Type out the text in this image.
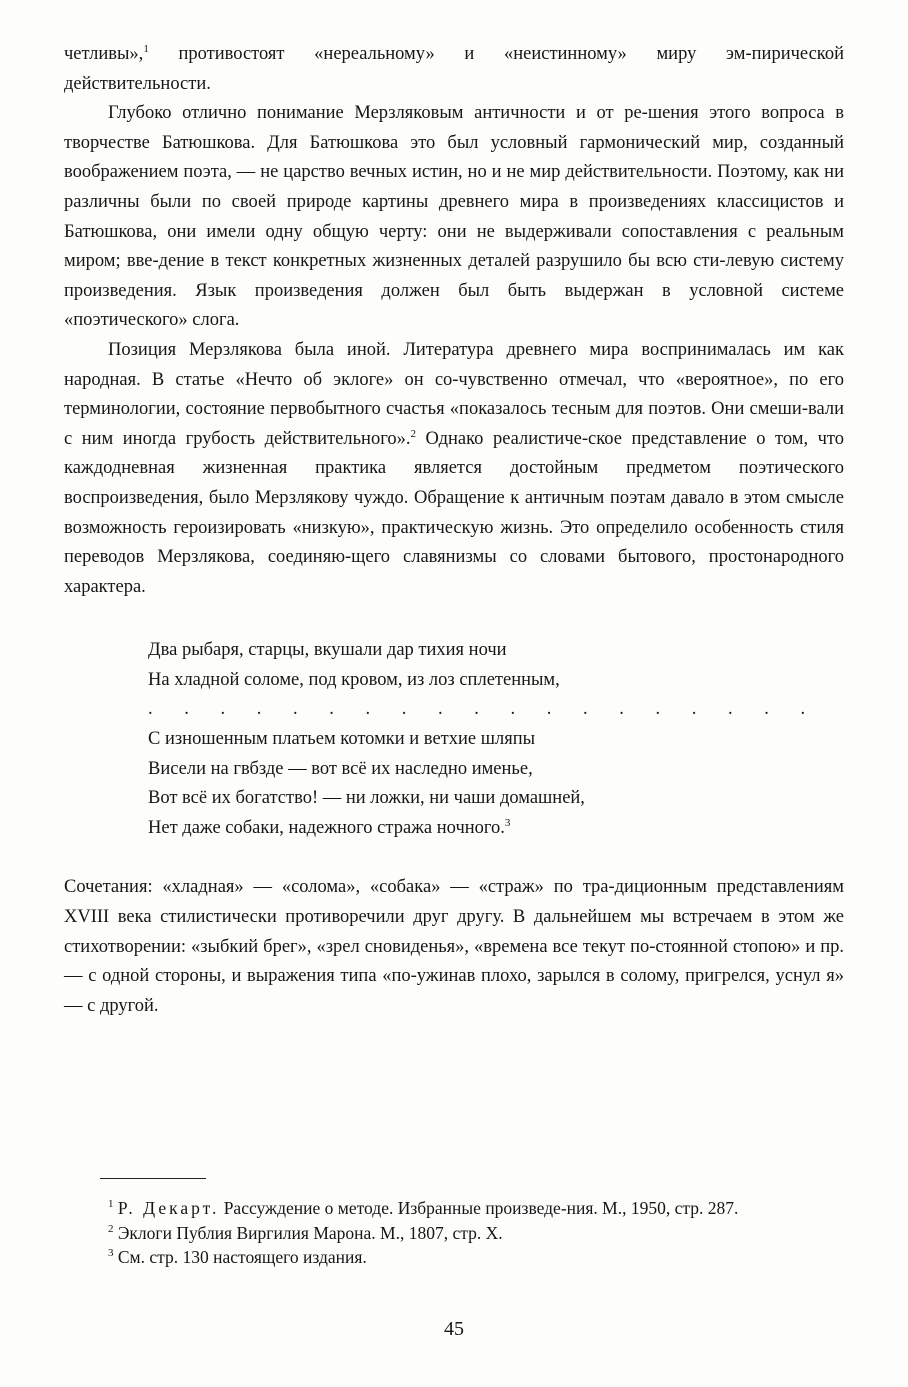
четливы»,$^1$ противостоят «нереальному» и «неистинному» миру эм-пирической действительности.

Глубоко отлично понимание Мерзляковым античности и от ре-шения этого вопроса в творчестве Батюшкова. Для Батюшкова это был условный гармонический мир, созданный воображением поэта, — не царство вечных истин, но и не мир действительности. Поэтому, как ни различны были по своей природе картины древнего мира в произведениях классицистов и Батюшкова, они имели одну общую черту: они не выдерживали сопоставления с реальным миром; вве-дение в текст конкретных жизненных деталей разрушило бы всю сти-левую систему произведения. Язык произведения должен был быть выдержан в условной системе «поэтического» слога.

Позиция Мерзлякова была иной. Литература древнего мира воспринималась им как народная. В статье «Нечто об эклоге» он со-чувственно отмечал, что «вероятное», по его терминологии, состояние первобытного счастья «показалось тесным для поэтов. Они смеши-вали с ним иногда грубость действительного».$^2$ Однако реалистиче-ское представление о том, что каждодневная жизненная практика является достойным предметом поэтического воспроизведения, было Мерзлякову чуждо. Обращение к античным поэтам давало в этом смысле возможность героизировать «низкую», практическую жизнь. Это определило особенность стиля переводов Мерзлякова, соединяю-щего славянизмы со словами бытового, простонародного характера.

Два рыбаря, старцы, вкушали дар тихия ночи
На хладной соломе, под кровом, из лоз сплетенным,
. . . . . . . . . . . . . . . . . . .
С изношенным платьем котомки и ветхие шляпы
Висели на гвбзде — вот всё их наследно именье,
Вот всё их богатство! — ни ложки, ни чаши домашней,
Нет даже собаки, надежного стража ночного.$^3$

Сочетания: «хладная» — «солома», «собака» — «страж» по тра-диционным представлениям XVIII века стилистически противоречили друг другу. В дальнейшем мы встречаем в этом же стихотворении: «зыбкий брег», «зрел сновиденья», «времена все текут по-стоянной стопою» и пр. — с одной стороны, и выражения типа «по-ужинав плохо, зарылся в солому, пригрелся, уснул я» — с другой.

$^1$ Р. Декарт. Рассуждение о методе. Избранные произведе-ния. М., 1950, стр. 287.

$^2$ Эклоги Публия Виргилия Марона. М., 1807, стр. X.

$^3$ См. стр. 130 настоящего издания.

45
